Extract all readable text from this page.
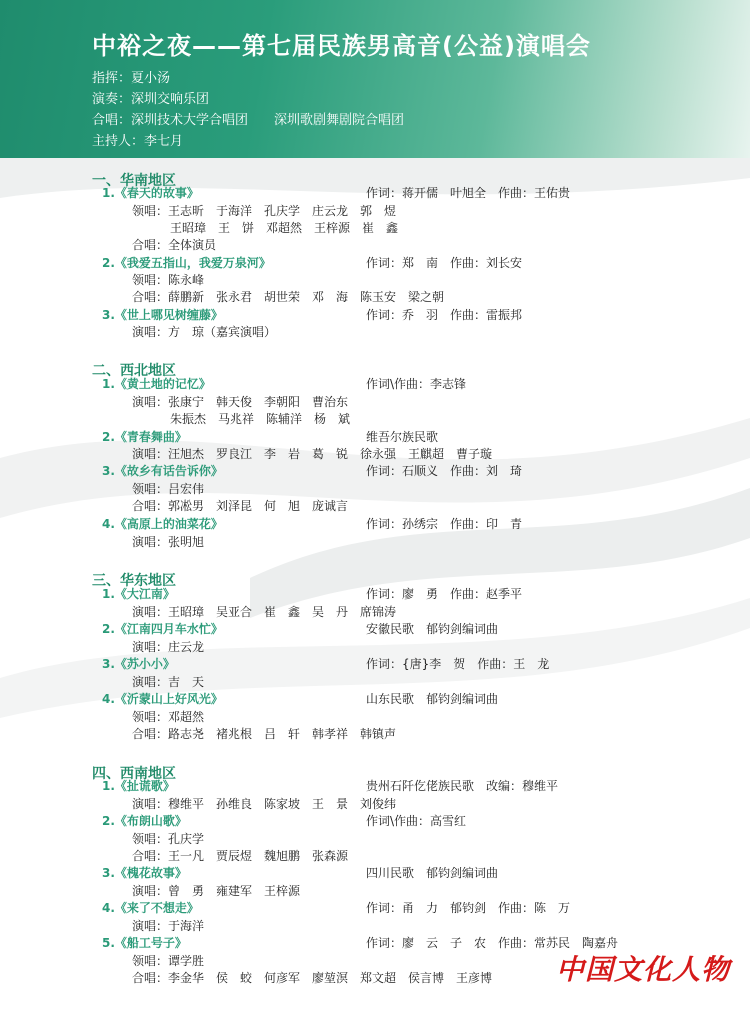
中裕之夜——第七届民族男高音(公益)演唱会
指挥：夏小汤
演奏：深圳交响乐团
合唱：深圳技术大学合唱团　　深圳歌剧舞剧院合唱团
主持人：李七月
一、华南地区
1.《春天的故事》	作词：蒋开儒　叶旭全　作曲：王佑贵
领唱：王志昕　于海洋　孔庆学　庄云龙　郭　煜
王昭璋　王　饼　邓超然　王梓源　崔　鑫
合唱：全体演员
2.《我爱五指山，我爱万泉河》	作词：郑　南　作曲：刘长安
领唱：陈永峰
合唱：薛鹏新　张永君　胡世荣　邓　海　陈玉安　梁之朝
3.《世上哪见树缠藤》	作词：乔　羽　作曲：雷振邦
演唱：方　琼（嘉宾演唱）
二、西北地区
1.《黄土地的记忆》	作词\作曲：李志锋
演唱：张康宁　韩天俊　李朝阳　曹治东
朱振杰　马兆祥　陈辅洋　杨　斌
2.《青春舞曲》	维吾尔族民歌
演唱：汪旭杰　罗良江　李　岩　葛　锐　徐永强　王麒超　曹子璇
3.《故乡有话告诉你》	作词：石顺义　作曲：刘　琦
领唱：吕宏伟
合唱：郭凇男　刘泽昆　何　旭　庞诚言
4.《高原上的油菜花》	作词：孙绣宗　作曲：印　青
演唱：张明旭
三、华东地区
1.《大江南》	作词：廖　勇　作曲：赵季平
演唱：王昭璋　吴亚合　崔　鑫　吴　丹　席锦涛
2.《江南四月车水忙》	安徽民歌　郁钧剑编词曲
演唱：庄云龙
3.《苏小小》	作词：{唐}李　贺　作曲：王　龙
演唱：吉　天
4.《沂蒙山上好风光》	山东民歌　郁钧剑编词曲
领唱：邓超然
合唱：路志尧　褚兆根　吕　轩　韩孝祥　韩镇声
四、西南地区
1.《扯谎歌》	贵州石阡仡佬族民歌　改编：穆维平
演唱：穆维平　孙维良　陈家坡　王　景　刘俊纬
2.《布朗山歌》	作词\作曲：高雪红
领唱：孔庆学
合唱：王一凡　贾辰煜　魏旭鹏　张森源
3.《槐花故事》	四川民歌　郁钧剑编词曲
演唱：曾　勇　雍建军　王梓源
4.《来了不想走》	作词：甬　力　郁钧剑　作曲：陈　万
演唱：于海洋
5.《船工号子》	作词：廖　云　子　农　作曲：常苏民　陶嘉舟
领唱：谭学胜
合唱：李金华　侯　蛟　何彦军　廖堃溟　郑文超　侯言博　王彦博 中国文化人物
